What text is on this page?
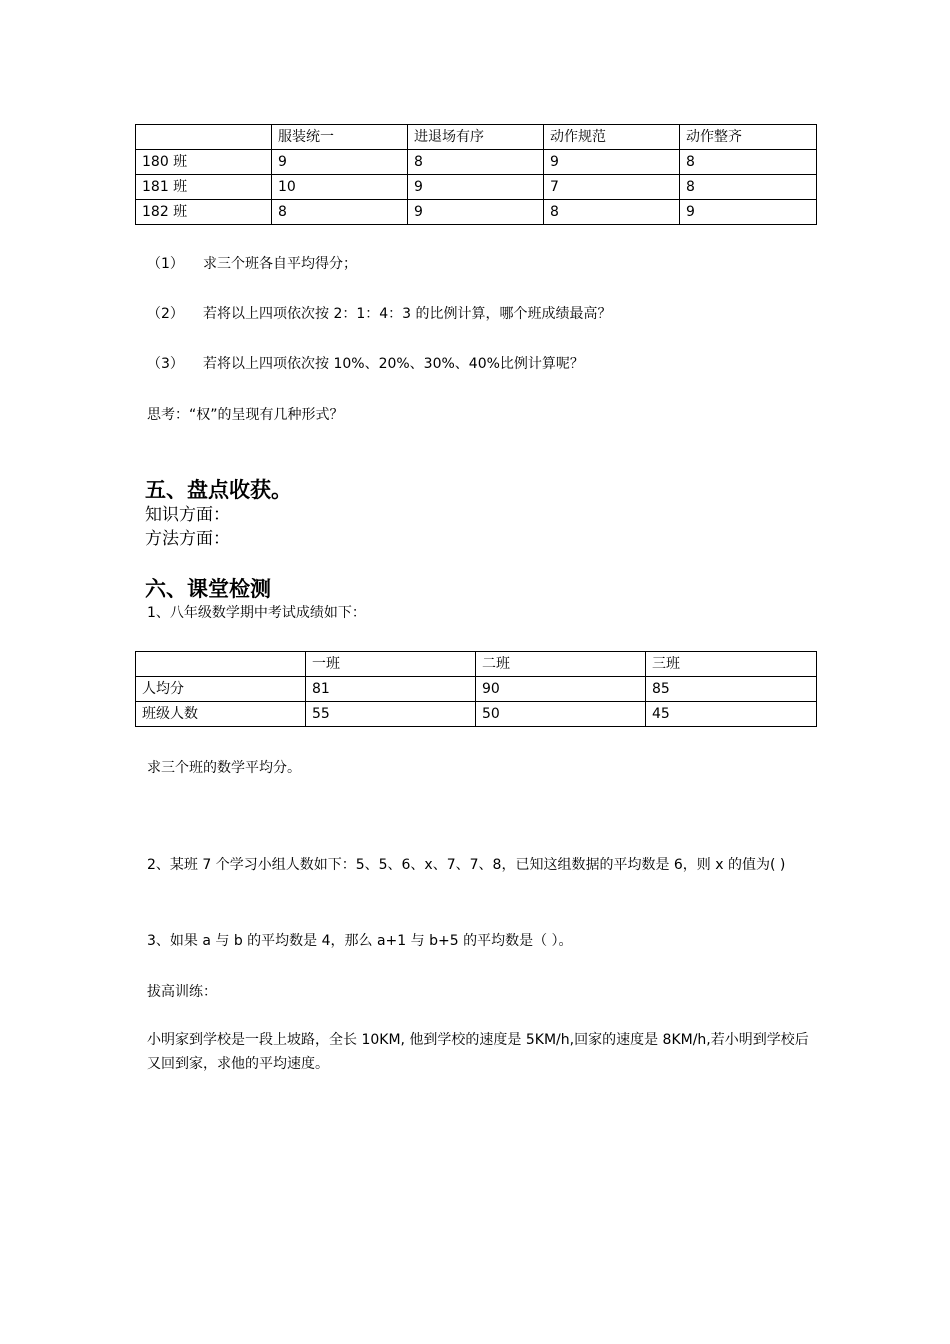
	服装统一	进退场有序	动作规范	动作整齐
180 班	9	8	9	8
181 班	10	9	7	8
182 班	8	9	8	9
（1） 求三个班各自平均得分；
（2） 若将以上四项依次按 2：1：4：3 的比例计算，哪个班成绩最高？
（3） 若将以上四项依次按 10%、20%、30%、40%比例计算呢？
思考：“权”的呈现有几种形式？
五、盘点收获。
知识方面：
方法方面：
六、课堂检测
1、八年级数学期中考试成绩如下：
	一班	二班	三班
人均分	81	90	85
班级人数	55	50	45
求三个班的数学平均分。
2、某班 7 个学习小组人数如下：5、5、6、x、7、7、8，已知这组数据的平均数是 6，则 x 的值为( )
3、如果 a 与 b 的平均数是 4，那么 a+1 与 b+5 的平均数是（ ）。
拔高训练：
小明家到学校是一段上坡路，全长 10KM, 他到学校的速度是 5KM/h,回家的速度是 8KM/h,若小明到学校后又回到家，求他的平均速度。
